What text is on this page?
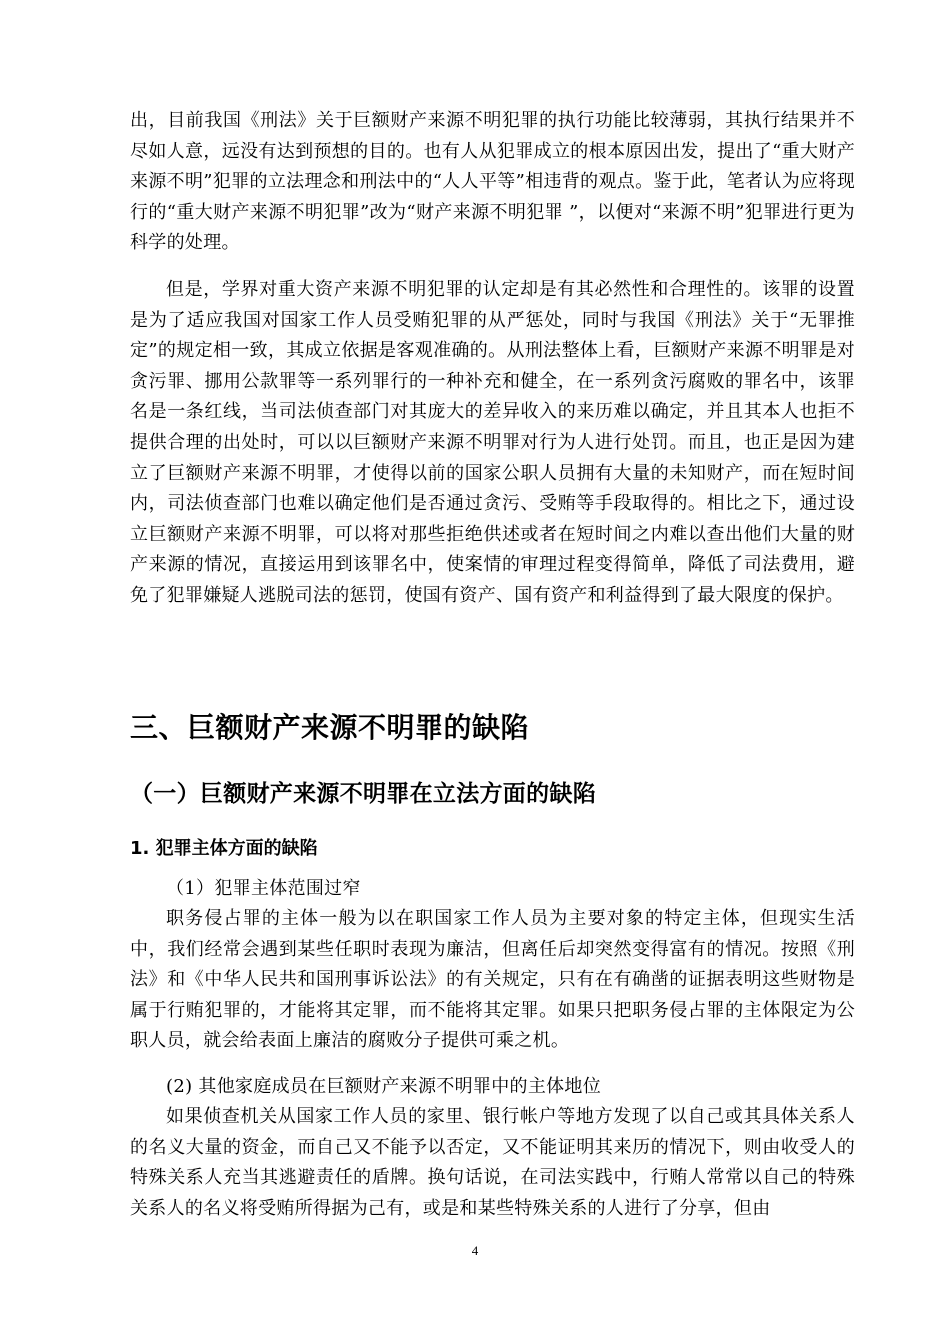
出，目前我国《刑法》关于巨额财产来源不明犯罪的执行功能比较薄弱，其执行结果并不尽如人意，远没有达到预想的目的。也有人从犯罪成立的根本原因出发，提出了“重大财产来源不明”犯罪的立法理念和刑法中的“人人平等”相违背的观点。鉴于此，笔者认为应将现行的“重大财产来源不明犯罪”改为“财产来源不明犯罪 ”，以便对“来源不明”犯罪进行更为科学的处理。

但是，学界对重大资产来源不明犯罪的认定却是有其必然性和合理性的。该罪的设置是为了适应我国对国家工作人员受贿犯罪的从严惩处，同时与我国《刑法》关于“无罪推定”的规定相一致，其成立依据是客观准确的。从刑法整体上看，巨额财产来源不明罪是对贪污罪、挪用公款罪等一系列罪行的一种补充和健全，在一系列贪污腐败的罪名中，该罪名是一条红线，当司法侦查部门对其庞大的差异收入的来历难以确定，并且其本人也拒不提供合理的出处时，可以以巨额财产来源不明罪对行为人进行处罚。而且，也正是因为建立了巨额财产来源不明罪，才使得以前的国家公职人员拥有大量的未知财产，而在短时间内，司法侦查部门也难以确定他们是否通过贪污、受贿等手段取得的。相比之下，通过设立巨额财产来源不明罪，可以将对那些拒绝供述或者在短时间之内难以查出他们大量的财产来源的情况，直接运用到该罪名中，使案情的审理过程变得简单，降低了司法费用，避免了犯罪嫌疑人逃脱司法的惩罚，使国有资产、国有资产和利益得到了最大限度的保护。

三、巨额财产来源不明罪的缺陷
（一）巨额财产来源不明罪在立法方面的缺陷
1. 犯罪主体方面的缺陷

（1）犯罪主体范围过窄

职务侵占罪的主体一般为以在职国家工作人员为主要对象的特定主体，但现实生活中，我们经常会遇到某些任职时表现为廉洁，但离任后却突然变得富有的情况。按照《刑法》和《中华人民共和国刑事诉讼法》的有关规定，只有在有确凿的证据表明这些财物是属于行贿犯罪的，才能将其定罪，而不能将其定罪。如果只把职务侵占罪的主体限定为公职人员，就会给表面上廉洁的腐败分子提供可乘之机。

(2) 其他家庭成员在巨额财产来源不明罪中的主体地位

如果侦查机关从国家工作人员的家里、银行帐户等地方发现了以自己或其具体关系人的名义大量的资金，而自己又不能予以否定，又不能证明其来历的情况下，则由收受人的特殊关系人充当其逃避责任的盾牌。换句话说，在司法实践中，行贿人常常以自己的特殊关系人的名义将受贿所得据为己有，或是和某些特殊关系的人进行了分享，但由

4
